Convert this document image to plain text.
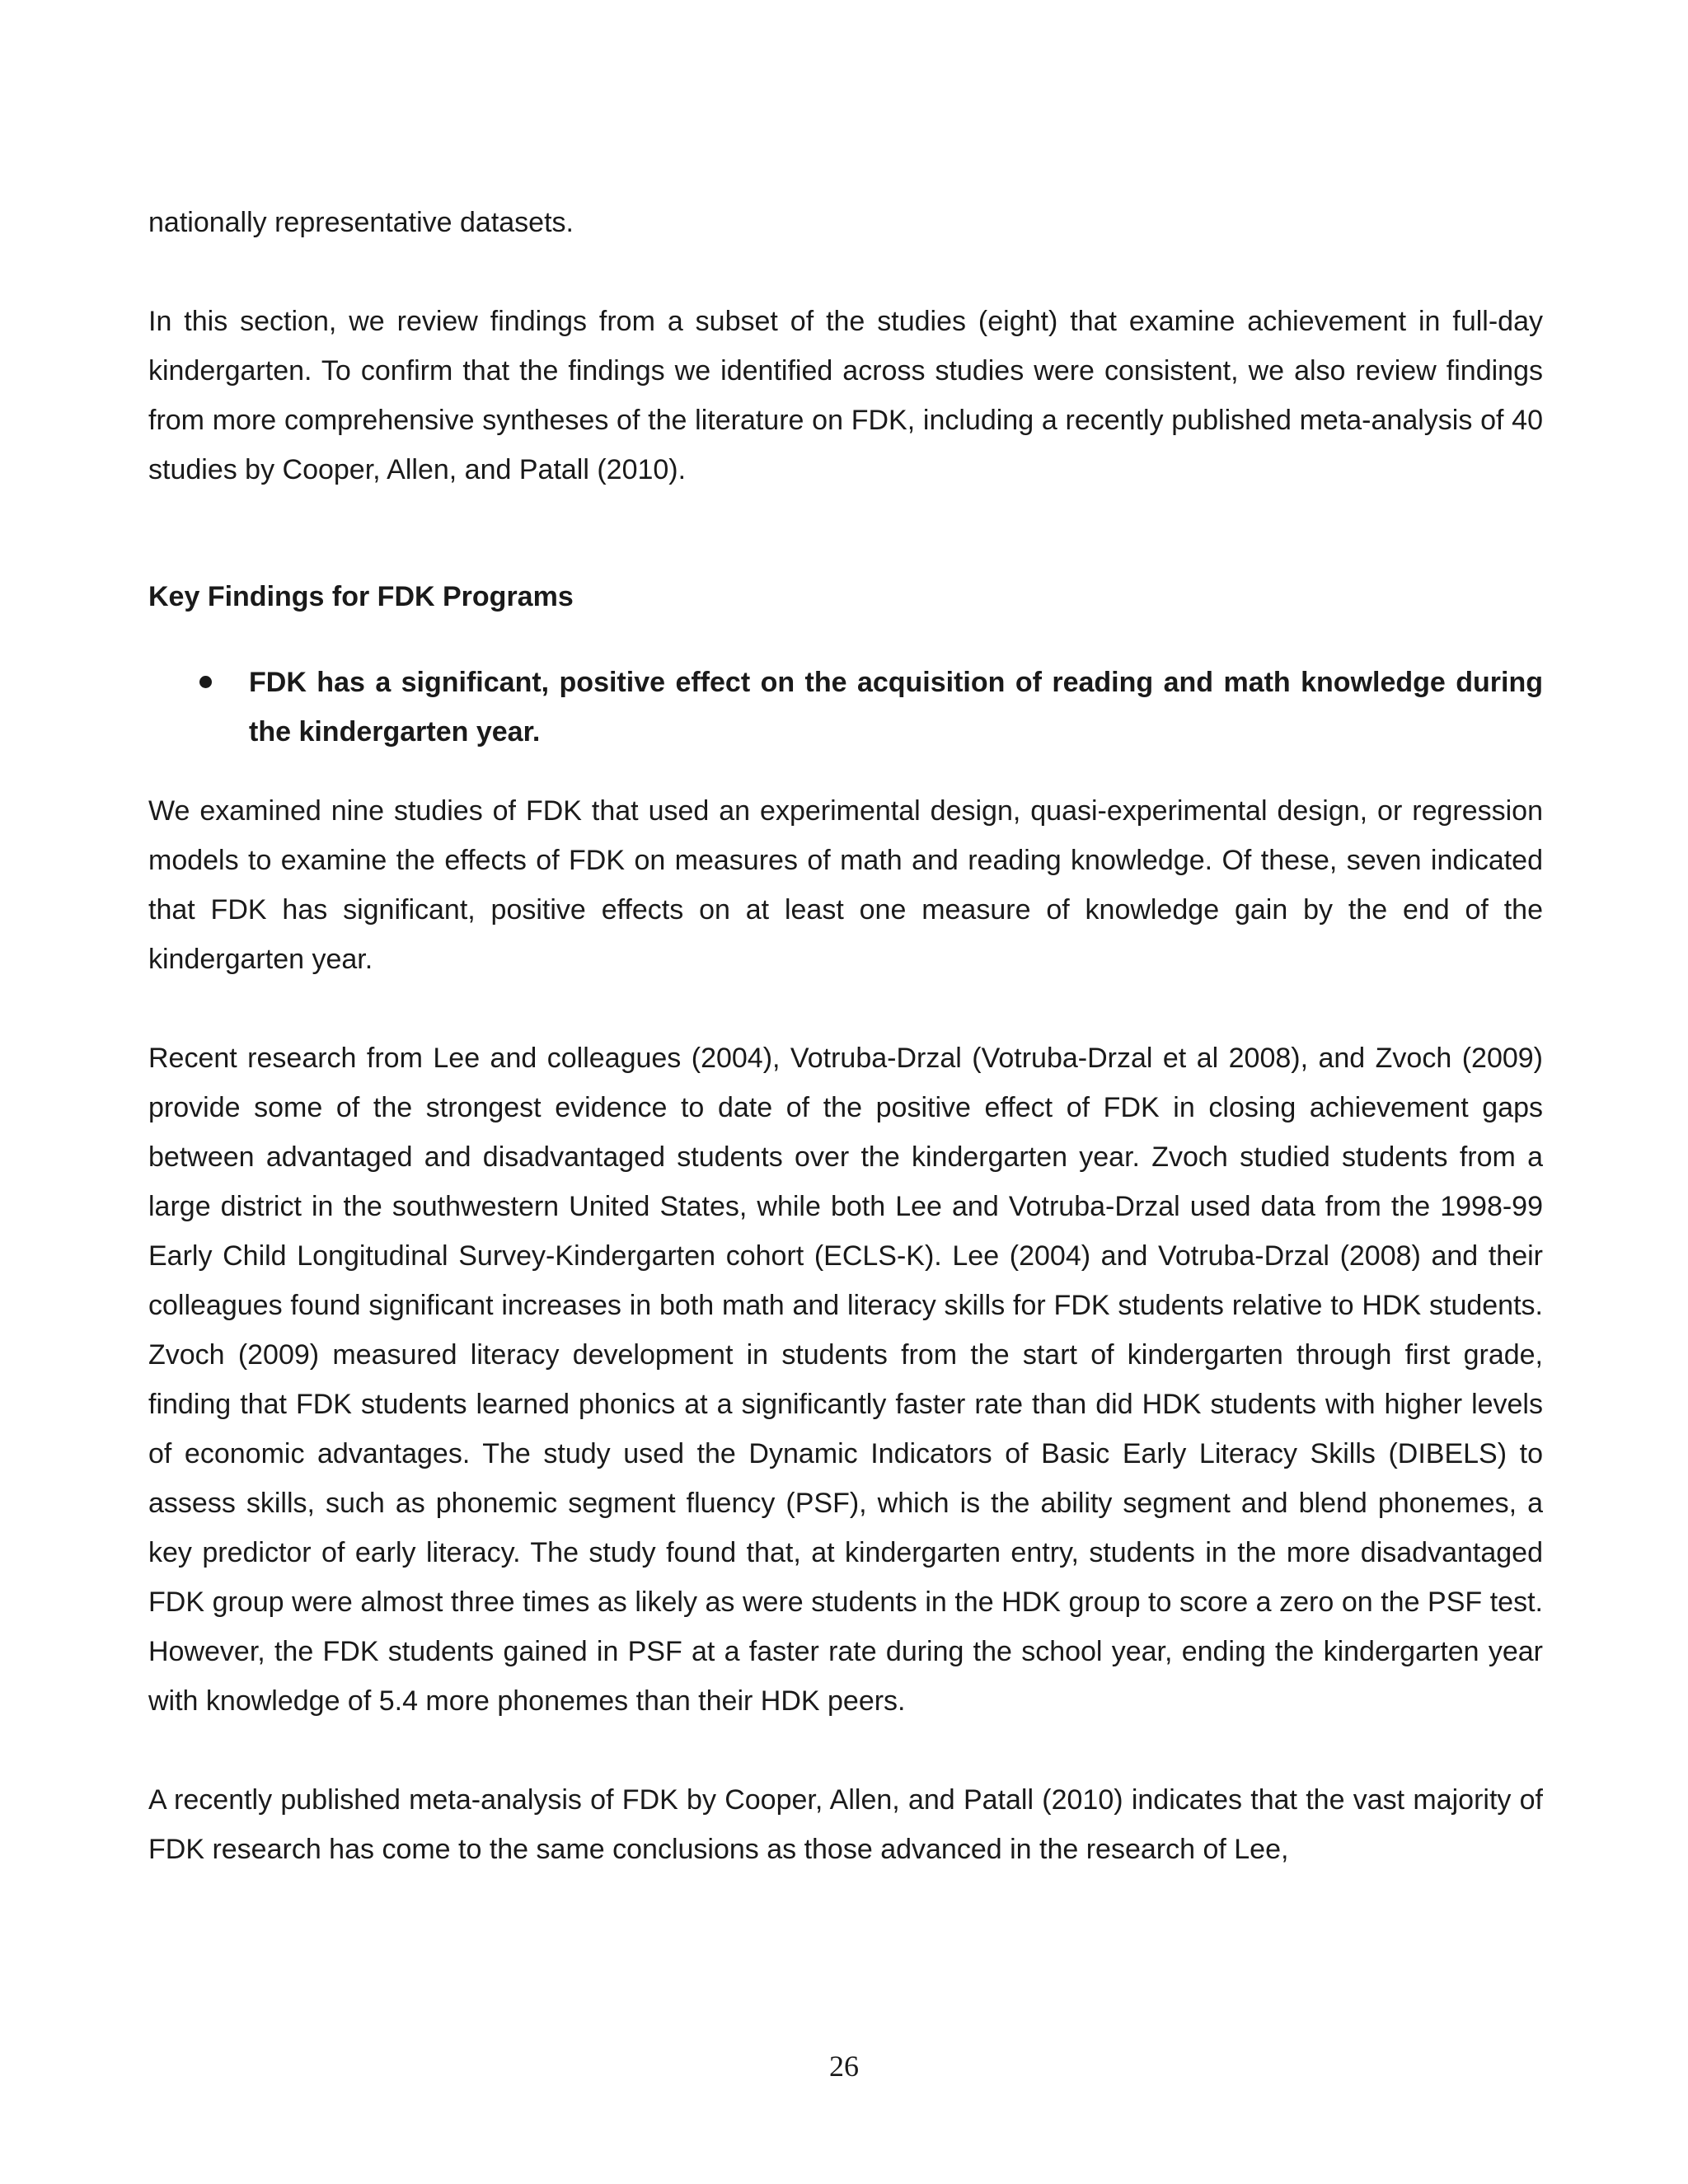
nationally representative datasets.

In this section, we review findings from a subset of the studies (eight) that examine achievement in full-day kindergarten. To confirm that the findings we identified across studies were consistent, we also review findings from more comprehensive syntheses of the literature on FDK, including a recently published meta-analysis of 40 studies by Cooper, Allen, and Patall (2010).

Key Findings for FDK Programs
FDK has a significant, positive effect on the acquisition of reading and math knowledge during the kindergarten year.

We examined nine studies of FDK that used an experimental design, quasi-experimental design, or regression models to examine the effects of FDK on measures of math and reading knowledge. Of these, seven indicated that FDK has significant, positive effects on at least one measure of knowledge gain by the end of the kindergarten year.

Recent research from Lee and colleagues (2004), Votruba-Drzal (Votruba-Drzal et al 2008), and Zvoch (2009) provide some of the strongest evidence to date of the positive effect of FDK in closing achievement gaps between advantaged and disadvantaged students over the kindergarten year. Zvoch studied students from a large district in the southwestern United States, while both Lee and Votruba-Drzal used data from the 1998-99 Early Child Longitudinal Survey-Kindergarten cohort (ECLS-K). Lee (2004) and Votruba-Drzal (2008) and their colleagues found significant increases in both math and literacy skills for FDK students relative to HDK students. Zvoch (2009) measured literacy development in students from the start of kindergarten through first grade, finding that FDK students learned phonics at a significantly faster rate than did HDK students with higher levels of economic advantages. The study used the Dynamic Indicators of Basic Early Literacy Skills (DIBELS) to assess skills, such as phonemic segment fluency (PSF), which is the ability segment and blend phonemes, a key predictor of early literacy. The study found that, at kindergarten entry, students in the more disadvantaged FDK group were almost three times as likely as were students in the HDK group to score a zero on the PSF test. However, the FDK students gained in PSF at a faster rate during the school year, ending the kindergarten year with knowledge of 5.4 more phonemes than their HDK peers.

A recently published meta-analysis of FDK by Cooper, Allen, and Patall (2010) indicates that the vast majority of FDK research has come to the same conclusions as those advanced in the research of Lee,

26
